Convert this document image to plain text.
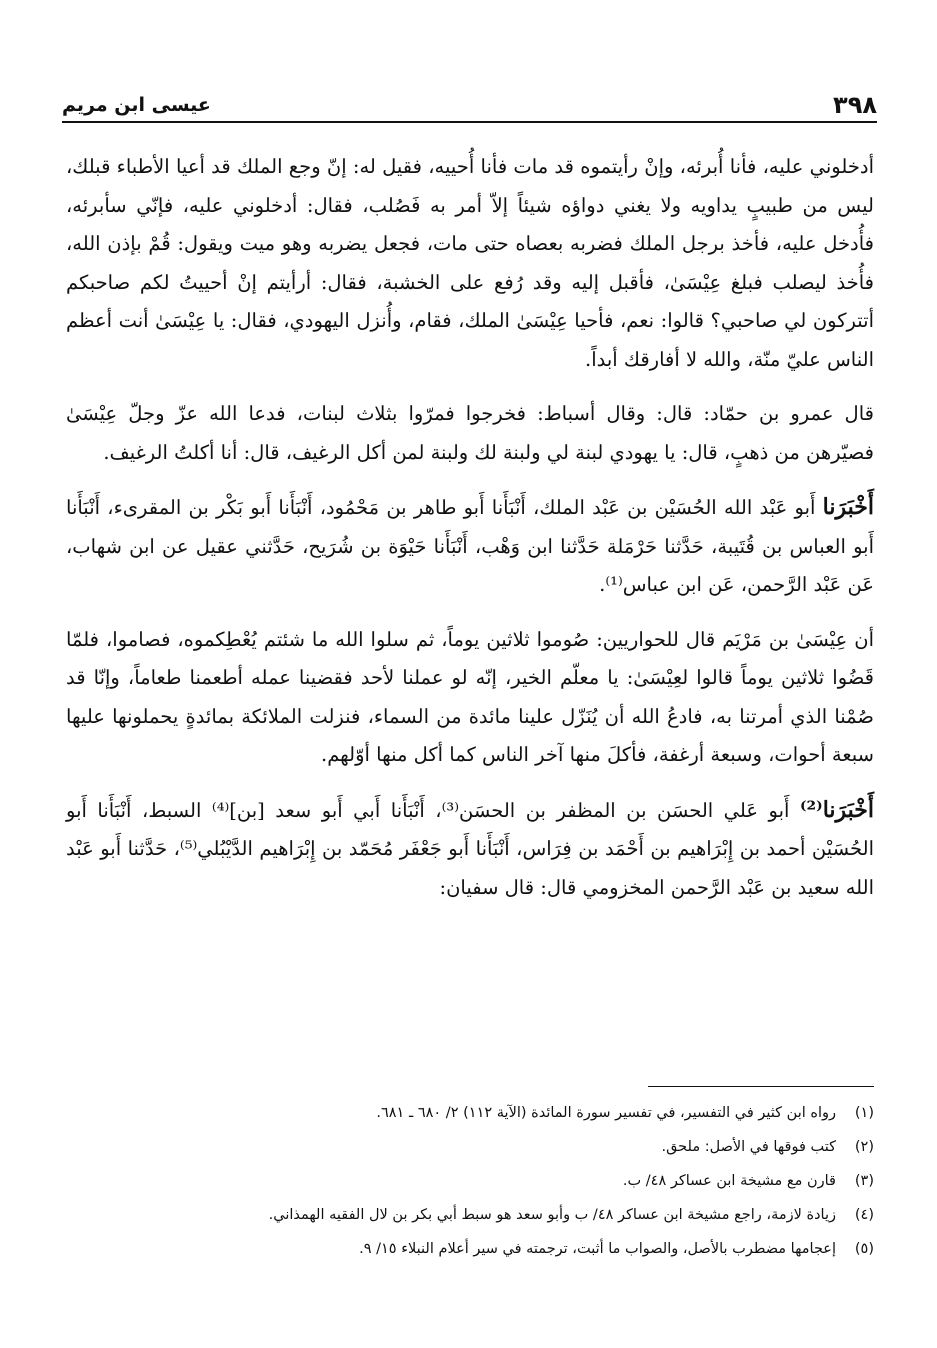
٣٩٨
عيسى ابن مريم

أدخلوني عليه، فأنا أُبرئه، وإنْ رأيتموه قد مات فأنا أُحييه، فقيل له: إنّ وجع الملك قد أعيا الأطباء قبلك، ليس من طبيبٍ يداويه ولا يغني دواؤه شيئاً إلاّ أمر به فَصُلب، فقال: أدخلوني عليه، فإنّي سأبرئه، فأُدخل عليه، فأخذ برجل الملك فضربه بعصاه حتى مات، فجعل يضربه وهو ميت ويقول: قُمْ بإذن الله، فأُخذ ليصلب فبلغ عِيْسَىٰ، فأقبل إليه وقد رُفع على الخشبة، فقال: أرأيتم إنْ أحييتُ لكم صاحبكم أتتركون لي صاحبي؟ قالوا: نعم، فأحيا عِيْسَىٰ الملك، فقام، وأُنزل اليهودي، فقال: يا عِيْسَىٰ أنت أعظم الناس عليّ منّة، والله لا أفارقك أبداً.

قال عمرو بن حمّاد: قال: وقال أسباط: فخرجوا فمرّوا بثلاث لبنات، فدعا الله عزّ وجلّ عِيْسَىٰ فصيّرهن من ذهبٍ، قال: يا يهودي لبنة لي ولبنة لك ولبنة لمن أكل الرغيف، قال: أنا أكلتُ الرغيف.

أَخْبَرَنا أَبو عَبْد الله الحُسَيْن بن عَبْد الملك، أَنْبَأَنا أَبو طاهر بن مَحْمُود، أَنْبَأَنا أَبو بَكْر بن المقرىء، أَنْبَأَنا أَبو العباس بن قُتَيبة، حَدَّثنا حَرْمَلة حَدَّثنا ابن وَهْب، أَنْبَأَنا حَيْوَة بن شُرَيح، حَدَّثني عقيل عن ابن شهاب، عَن عَبْد الرَّحمن، عَن ابن عباس⁽¹⁾.

أن عِيْسَىٰ بن مَرْيَم قال للحواريين: صُوموا ثلاثين يوماً، ثم سلوا الله ما شئتم يُعْطِكموه، فصاموا، فلمّا قَضُوا ثلاثين يوماً قالوا لعِيْسَىٰ: يا معلّم الخير، إنّه لو عملنا لأحد فقضينا عمله أطعمنا طعاماً، وإنّا قد صُمْنا الذي أمرتنا به، فادعُ الله أن يُنَزّل علينا مائدة من السماء، فنزلت الملائكة بمائدةٍ يحملونها عليها سبعة أحوات، وسبعة أرغفة، فأكلَ منها آخر الناس كما أكل منها أوّلهم.

أَخْبَرَنا⁽²⁾ أَبو عَلي الحسَن بن المظفر بن الحسَن⁽³⁾، أَنْبَأَنا أَبي أَبو سعد [بن]⁽⁴⁾ السبط، أَنْبَأَنا أَبو الحُسَيْن أحمد بن إِبْرَاهيم بن أَحْمَد بن فِرَاس، أَنْبَأَنا أَبو جَعْفَر مُحَمّد بن إِبْرَاهيم الدَّيْبُلي⁽⁵⁾، حَدَّثنا أَبو عَبْد الله سعيد بن عَبْد الرَّحمن المخزومي قال: قال سفيان:

(١)
رواه ابن كثير في التفسير، في تفسير سورة المائدة (الآية ١١٢) ٢/ ٦٨٠ ـ ٦٨١.
(٢)
كتب فوقها في الأصل: ملحق.
(٣)
قارن مع مشيخة ابن عساكر ٤٨/ ب.
(٤)
زيادة لازمة، راجع مشيخة ابن عساكر ٤٨/ ب وأبو سعد هو سبط أبي بكر بن لال الفقيه الهمذاني.
(٥)
إعجامها مضطرب بالأصل، والصواب ما أثبت، ترجمته في سير أعلام النبلاء ١٥/ ٩.
